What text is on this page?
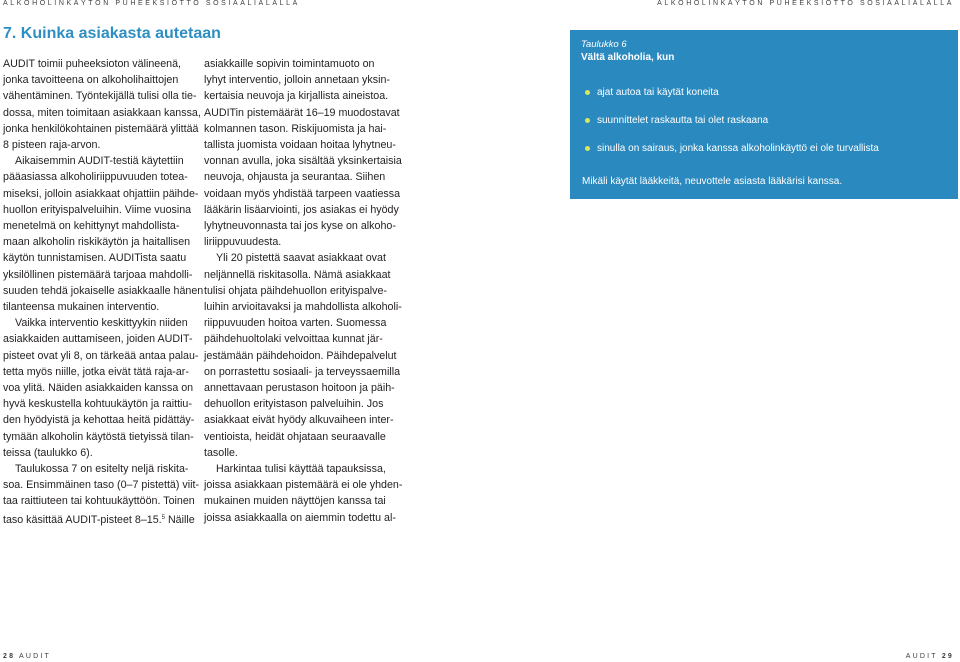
ALKOHOLINKÄYTÖN PUHEEKSIOTTO SOSIAALIALALLA	ALKOHOLINKÄYTÖN PUHEEKSIOTTO SOSIAALIALALLA
7. Kuinka asiakasta autetaan

AUDIT toimii puheeksioton välineenä,
jonka tavoitteena on alkoholihaittojen
vähentäminen. Työntekijällä tulisi olla tie-
dossa, miten toimitaan asiakkaan kanssa,
jonka henkilökohtainen pistemäärä ylittää
8 pisteen raja-arvon.

Aikaisemmin AUDIT-testiä käytettiin
pääasiassa alkoholiriippuvuuden totea-
miseksi, jolloin asiakkaat ohjattiin päihde-
huollon erityispalveluihin. Viime vuosina
menetelmä on kehittynyt mahdollista-
maan alkoholin riskikäytön ja haitallisen
käytön tunnistamisen. AUDITista saatu
yksilöllinen pistemäärä tarjoaa mahdolli-
suuden tehdä jokaiselle asiakkaalle hänen
tilanteensa mukainen interventio.

Vaikka interventio keskittyykin niiden
asiakkaiden auttamiseen, joiden AUDIT-
pisteet ovat yli 8, on tärkeää antaa palau-
tetta myös niille, jotka eivät tätä raja-ar-
voa ylitä. Näiden asiakkaiden kanssa on
hyvä keskustella kohtuukäytön ja raittiu-
den hyödyistä ja kehottaa heitä pidättäy-
tymään alkoholin käytöstä tietyissä tilan-
teissa (taulukko 6).

Taulukossa 7 on esitelty neljä riskita-
soa. Ensimmäinen taso (0–7 pistettä) viit-
taa raittiuteen tai kohtuukäyttöön. Toinen
taso käsittää AUDIT-pisteet 8–15.$^5$ Näille

asiakkaille sopivin toimintamuoto on
lyhyt interventio, jolloin annetaan yksin-
kertaisia neuvoja ja kirjallista aineistoa.
AUDITin pistemäärät 16–19 muodostavat
kolmannen tason. Riskijuomista ja hai-
tallista juomista voidaan hoitaa lyhytneu-
vonnan avulla, joka sisältää yksinkertaisia
neuvoja, ohjausta ja seurantaa. Siihen
voidaan myös yhdistää tarpeen vaatiessa
lääkärin lisäarviointi, jos asiakas ei hyödy
lyhytneuvonnasta tai jos kyse on alkoho-
liriippuvuudesta.

Yli 20 pistettä saavat asiakkaat ovat
neljännellä riskitasolla. Nämä asiakkaat
tulisi ohjata päihdehuollon erityispalve-
luihin arvioitavaksi ja mahdollista alkoholi-
riippuvuuden hoitoa varten. Suomessa
päihdehuoltolaki velvoittaa kunnat jär-
jestämään päihdehoidon. Päihdepalvelut
on porrastettu sosiaali- ja terveyssaemilla
annettavaan perustason hoitoon ja päih-
dehuollon erityistason palveluihin. Jos
asiakkaat eivät hyödy alkuvaiheen inter-
ventioista, heidät ohjataan seuraavalle
tasolle.

Harkintaa tulisi käyttää tapauksissa,
joissa asiakkaan pistemäärä ei ole yhden-
mukainen muiden näyttöjen kanssa tai
joissa asiakkaalla on aiemmin todettu al-

Taulukko 6
Vältä alkoholia, kun
ajat autoa tai käytät koneita
suunnittelet raskautta tai olet raskaana
sinulla on sairaus, jonka kanssa alkoholinkäyttö ei ole turvallista
Mikäli käytät lääkkeitä, neuvottele asiasta lääkärisi kanssa.
28 AUDIT	AUDIT 29
